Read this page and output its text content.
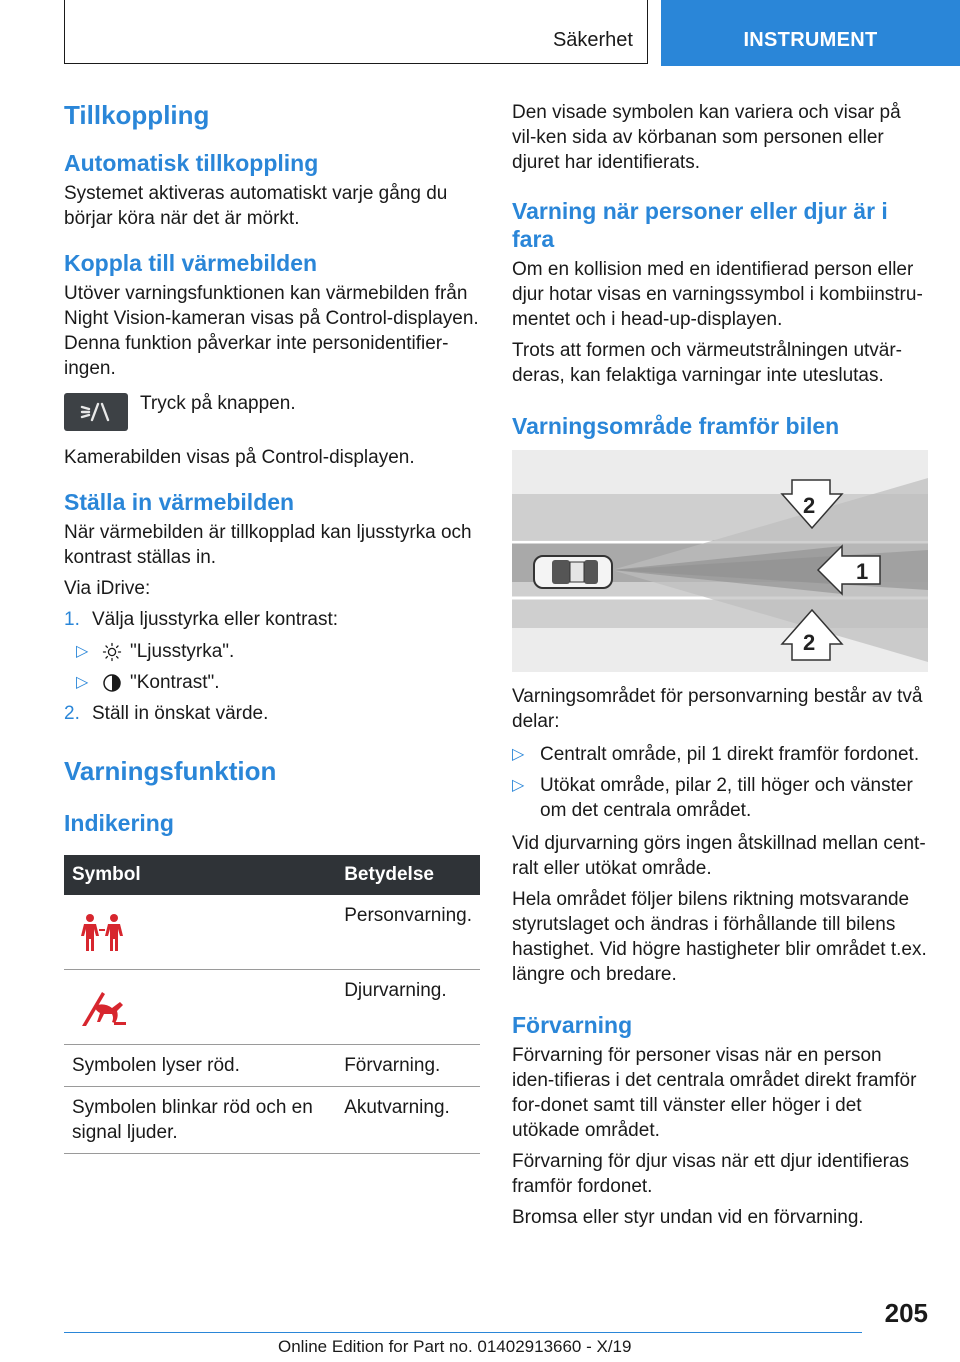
Säkerhet	INSTRUMENT
Tillkoppling
Automatisk tillkoppling

Systemet aktiveras automatiskt varje gång du börjar köra när det är mörkt.

Koppla till värmebilden

Utöver varningsfunktionen kan värmebilden från Night Vision-kameran visas på Control-displayen. Denna funktion påverkar inte personidentifier-ingen.

Tryck på knappen.

Kamerabilden visas på Control-displayen.

Ställa in värmebilden

När värmebilden är tillkopplad kan ljusstyrka och kontrast ställas in.

Via iDrive:

1. Välja ljusstyrka eller kontrast:
▷	"Ljusstyrka".
▷	"Kontrast".
2. Ställ in önskat värde.
Varningsfunktion
Indikering
Symbol	Betydelse
	Personvarning.
	Djurvarning.
Symbolen lyser röd.	Förvarning.
Symbolen blinkar röd och en signal ljuder.	Akutvarning.

Den visade symbolen kan variera och visar på vil-ken sida av körbanan som personen eller djuret har identifierats.

Varning när personer eller djur är i fara

Om en kollision med en identifierad person eller djur hotar visas en varningssymbol i kombiinstru-mentet och i head-up-displayen.

Trots att formen och värmeutstrålningen utvär-deras, kan felaktiga varningar inte uteslutas.

Varningsområde framför bilen
1
2
2

Varningsområdet för personvarning består av två delar:

▷ Centralt område, pil 1 direkt framför fordonet.
▷ Utökat område, pilar 2, till höger och vänster om det centrala området.

Vid djurvarning görs ingen åtskillnad mellan cent-ralt eller utökat område.

Hela området följer bilens riktning motsvarande styrutslaget och ändras i förhållande till bilens hastighet. Vid högre hastigheter blir området t.ex. längre och bredare.

Förvarning

Förvarning för personer visas när en person iden-tifieras i det centrala området direkt framför for-donet samt till vänster eller höger i det utökade området.

Förvarning för djur visas när ett djur identifieras framför fordonet.

Bromsa eller styr undan vid en förvarning.

205
Online Edition for Part no. 01402913660 - X/19
